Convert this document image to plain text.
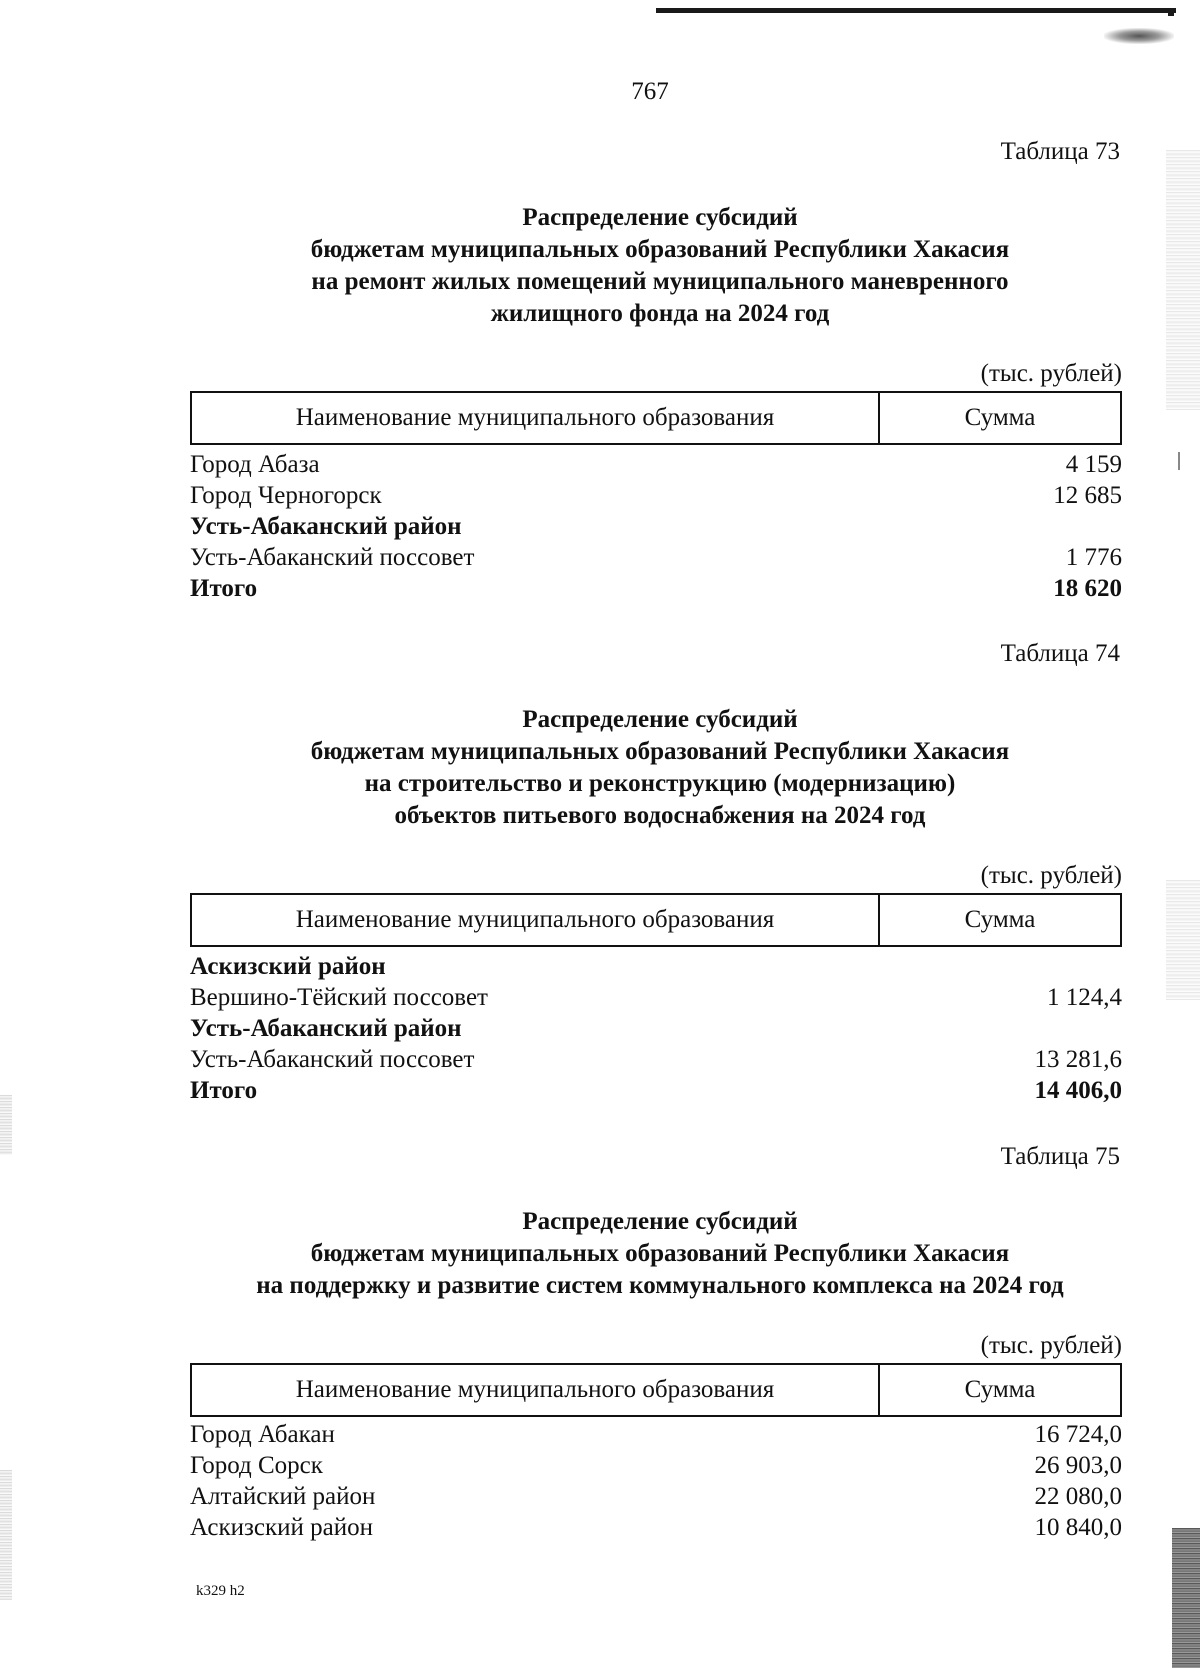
767
Таблица 73
Распределение субсидий
бюджетам муниципальных образований Республики Хакасия
на ремонт жилых помещений муниципального маневренного
жилищного фонда на 2024 год
(тыс. рублей)
Наименование муниципального образования	Сумма
Город Абаза	4 159
Город Черногорск	12 685
Усть-Абаканский район
Усть-Абаканский поссовет	1 776
Итого	18 620
Таблица 74
Распределение субсидий
бюджетам муниципальных образований Республики Хакасия
на строительство и реконструкцию (модернизацию)
объектов питьевого водоснабжения на 2024 год
(тыс. рублей)
Наименование муниципального образования	Сумма
Аскизский район
Вершино-Тёйский поссовет	1 124,4
Усть-Абаканский район
Усть-Абаканский поссовет	13 281,6
Итого	14 406,0
Таблица 75
Распределение субсидий
бюджетам муниципальных образований Республики Хакасия
на поддержку и развитие систем коммунального комплекса на 2024 год
(тыс. рублей)
Наименование муниципального образования	Сумма
Город Абакан	16 724,0
Город Сорск	26 903,0
Алтайский район	22 080,0
Аскизский район	10 840,0
k329 h2
